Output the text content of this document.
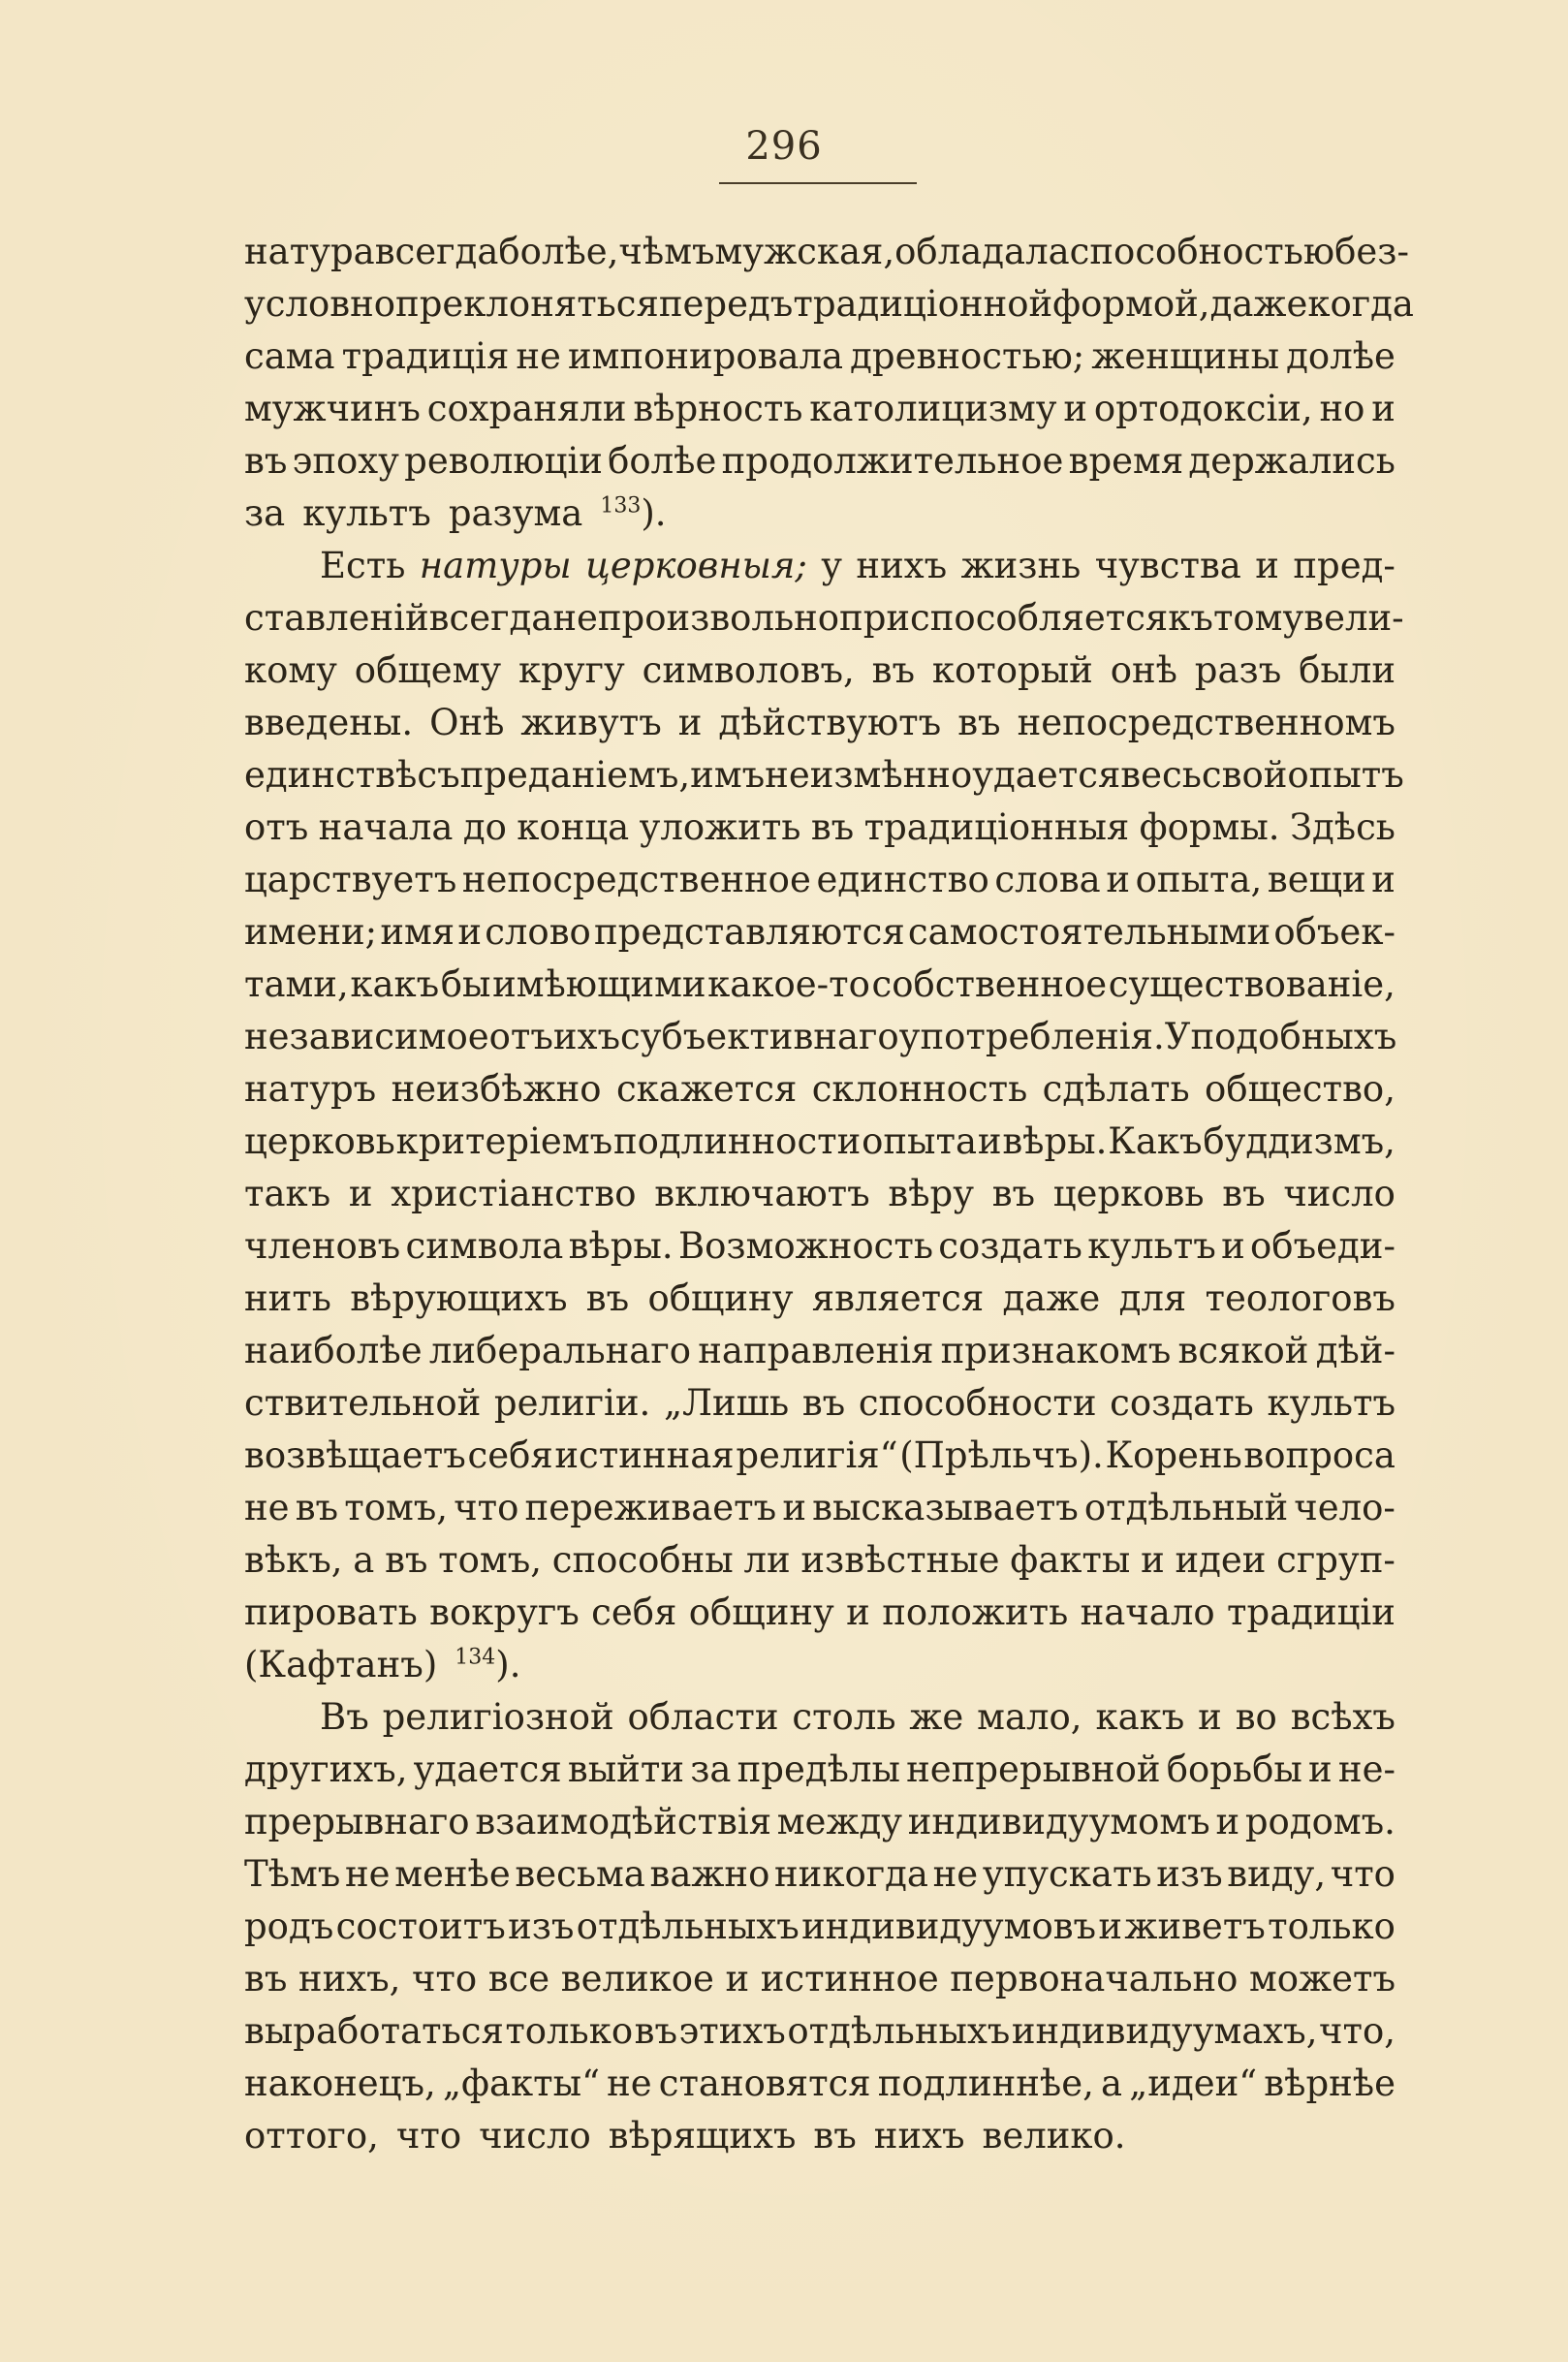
296
натура всегда болѣе, чѣмъ мужская, обладала способностью без-
условно преклоняться передъ традиціонной формой, даже когда
сама традиція не импонировала древностью; женщины долѣе
мужчинъ сохраняли вѣрность католицизму и ортодоксіи, но и
въ эпоху революціи болѣе продолжительное время держались
за культъ разума $^{133}$).
Есть натуры церковныя; у нихъ жизнь чувства и пред-
ставленій всегда непроизвольно приспособляется къ тому вели-
кому общему кругу символовъ, въ который онѣ разъ были
введены. Онѣ живутъ и дѣйствуютъ въ непосредственномъ
единствѣ съ преданіемъ, имъ неизмѣнно удается весь свой опытъ
отъ начала до конца уложить въ традиціонныя формы. Здѣсь
царствуетъ непосредственное единство слова и опыта, вещи и
имени; имя и слово представляются самостоятельными объек-
тами, какъ бы имѣющими какое-то собственное существованіе,
независимое отъ ихъ субъективнаго употребленія. У подобныхъ
натуръ неизбѣжно скажется склонность сдѣлать общество,
церковь критеріемъ подлинности опыта и вѣры. Какъ буддизмъ,
такъ и христіанство включаютъ вѣру въ церковь въ число
членовъ символа вѣры. Возможность создать культъ и объеди-
нить вѣрующихъ въ общину является даже для теологовъ
наиболѣе либеральнаго направленія признакомъ всякой дѣй-
ствительной религіи. „Лишь въ способности создать культъ
возвѣщаетъ себя истинная религія“ (Прѣльчъ). Корень вопроса
не въ томъ, что переживаетъ и высказываетъ отдѣльный чело-
вѣкъ, а въ томъ, способны ли извѣстные факты и идеи сгруп-
пировать вокругъ себя общину и положить начало традиціи
(Кафтанъ) $^{134}$).
Въ религіозной области столь же мало, какъ и во всѣхъ
другихъ, удается выйти за предѣлы непрерывной борьбы и не-
прерывнаго взаимодѣйствія между индивидуумомъ и родомъ.
Тѣмъ не менѣе весьма важно никогда не упускать изъ виду, что
родъ состоитъ изъ отдѣльныхъ индивидуумовъ и живетъ только
въ нихъ, что все великое и истинное первоначально можетъ
выработаться только въ этихъ отдѣльныхъ индивидуумахъ, что,
наконецъ, „факты“ не становятся подлиннѣе, а „идеи“ вѣрнѣе
оттого, что число вѣрящихъ въ нихъ велико.
